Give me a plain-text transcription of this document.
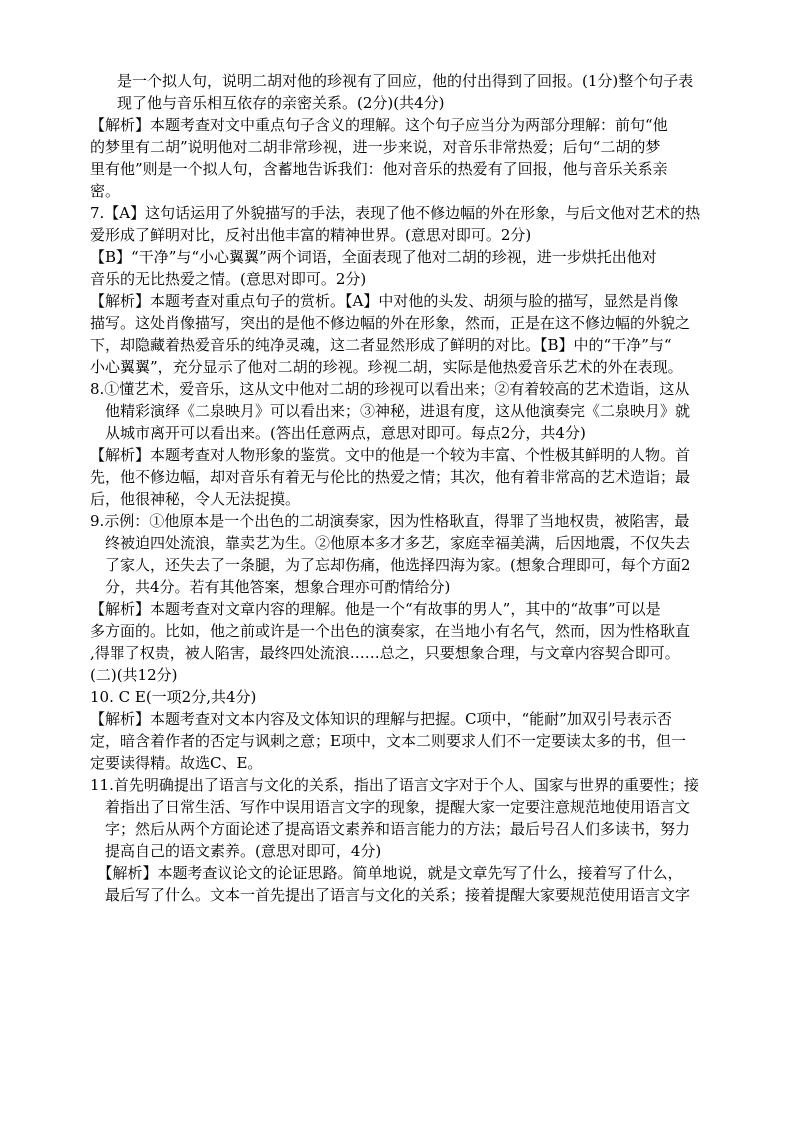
　是一个拟人句，说明二胡对他的珍视有了回应，他的付出得到了回报。(1分)整个句子表
　现了他与音乐相互依存的亲密关系。(2分)(共4分)
【解析】本题考查对文中重点句子含义的理解。这个句子应当分为两部分理解：前句“他
的梦里有二胡”说明他对二胡非常珍视，进一步来说，对音乐非常热爱；后句“二胡的梦
里有他”则是一个拟人句，含蓄地告诉我们：他对音乐的热爱有了回报，他与音乐关系亲
密。
7.【A】这句话运用了外貌描写的手法，表现了他不修边幅的外在形象，与后文他对艺术的热
爱形成了鲜明对比，反衬出他丰富的精神世界。(意思对即可。2分)
【B】“干净”与“小心翼翼”两个词语，全面表现了他对二胡的珍视，进一步烘托出他对
音乐的无比热爱之情。(意思对即可。2分)
【解析】本题考查对重点句子的赏析。【A】中对他的头发、胡须与脸的描写，显然是肖像
描写。这处肖像描写，突出的是他不修边幅的外在形象，然而，正是在这不修边幅的外貌之
下，却隐藏着热爱音乐的纯净灵魂，这二者显然形成了鲜明的对比。【B】中的“干净”与“
小心翼翼”，充分显示了他对二胡的珍视。珍视二胡，实际是他热爱音乐艺术的外在表现。
8.①懂艺术，爱音乐，这从文中他对二胡的珍视可以看出来；②有着较高的艺术造诣，这从
　他精彩演绎《二泉映月》可以看出来；③神秘，进退有度，这从他演奏完《二泉映月》就
　从城市离开可以看出来。(答出任意两点，意思对即可。每点2分，共4分)
【解析】本题考查对人物形象的鉴赏。文中的他是一个较为丰富、个性极其鲜明的人物。首
先，他不修边幅，却对音乐有着无与伦比的热爱之情；其次，他有着非常高的艺术造诣；最
后，他很神秘，令人无法捉摸。
9.示例：①他原本是一个出色的二胡演奏家，因为性格耿直，得罪了当地权贵，被陷害，最
　终被迫四处流浪，靠卖艺为生。②他原本多才多艺，家庭幸福美满，后因地震，不仅失去
　了家人，还失去了一条腿，为了忘却伤痛，他选择四海为家。(想象合理即可，每个方面2
　分，共4分。若有其他答案，想象合理亦可酌情给分)
【解析】本题考查对文章内容的理解。他是一个“有故事的男人”，其中的“故事”可以是
多方面的。比如，他之前或许是一个出色的演奏家，在当地小有名气，然而，因为性格耿直
,得罪了权贵，被人陷害，最终四处流浪……总之，只要想象合理，与文章内容契合即可。
(二)(共12分)
10. C E(一项2分,共4分)
【解析】本题考查对文本内容及文体知识的理解与把握。C项中，“能耐”加双引号表示否
定，暗含着作者的否定与讽刺之意；E项中，文本二则要求人们不一定要读太多的书，但一
定要读得精。故选C、E。
11.首先明确提出了语言与文化的关系，指出了语言文字对于个人、国家与世界的重要性；接
　着指出了日常生活、写作中误用语言文字的现象，提醒大家一定要注意规范地使用语言文
　字；然后从两个方面论述了提高语文素养和语言能力的方法；最后号召人们多读书，努力
　提高自己的语文素养。(意思对即可，4分)
　【解析】本题考查议论文的论证思路。简单地说，就是文章先写了什么，接着写了什么，
　最后写了什么。文本一首先提出了语言与文化的关系；接着提醒大家要规范使用语言文字
